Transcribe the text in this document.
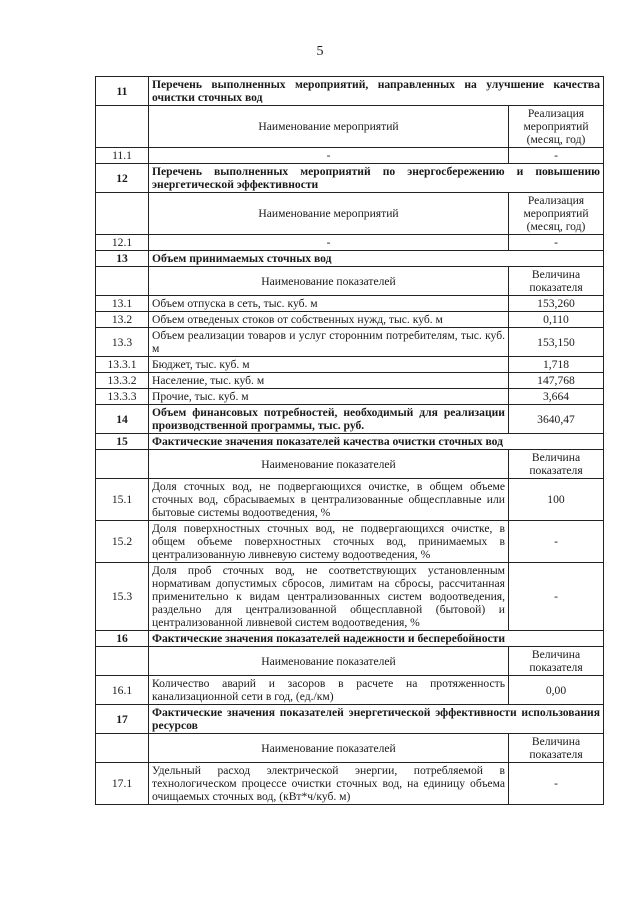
5
11	Перечень выполненных мероприятий, направленных на улучшение качества очистки сточных вод	
	Наименование мероприятий	Реализация мероприятий (месяц, год)
11.1	-	-
12	Перечень выполненных мероприятий по энергосбережению и повышению энергетической эффективности	
	Наименование мероприятий	Реализация мероприятий (месяц, год)
12.1	-	-
13	Объем принимаемых сточных вод	
	Наименование показателей	Величина показателя
13.1	Объем отпуска в сеть, тыс. куб. м	153,260
13.2	Объем отведеных стоков от собственных нужд, тыс. куб. м	0,110
13.3	Объем реализации товаров и услуг сторонним потребителям, тыс. куб. м	153,150
13.3.1	Бюджет, тыс. куб. м	1,718
13.3.2	Население, тыс. куб. м	147,768
13.3.3	Прочие, тыс. куб. м	3,664
14	Объем финансовых потребностей, необходимый для реализации производственной программы, тыс. руб.	3640,47
15	Фактические значения показателей качества очистки сточных вод	
	Наименование показателей	Величина показателя
15.1	Доля сточных вод, не подвергающихся очистке, в общем объеме сточных вод, сбрасываемых в централизованные общесплавные или бытовые системы водоотведения, %	100
15.2	Доля поверхностных сточных вод, не подвергающихся очистке, в общем объеме поверхностных сточных вод, принимаемых в централизованную ливневую систему водоотведения, %	-
15.3	Доля проб сточных вод, не соответствующих установленным нормативам допустимых сбросов, лимитам на сбросы, рассчитанная применительно к видам централизованных систем водоотведения, раздельно для централизованной общесплавной (бытовой) и централизованной ливневой систем водоотведения, %	-
16	Фактические значения показателей надежности и бесперебойности	
	Наименование показателей	Величина показателя
16.1	Количество аварий и засоров в расчете на протяженность канализационной сети в год, (ед./км)	0,00
17	Фактические значения показателей энергетической эффективности использования ресурсов	
	Наименование показателей	Величина показателя
17.1	Удельный расход электрической энергии, потребляемой в технологическом процессе очистки сточных вод, на единицу объема очищаемых сточных вод, (кВт*ч/куб. м)	-
